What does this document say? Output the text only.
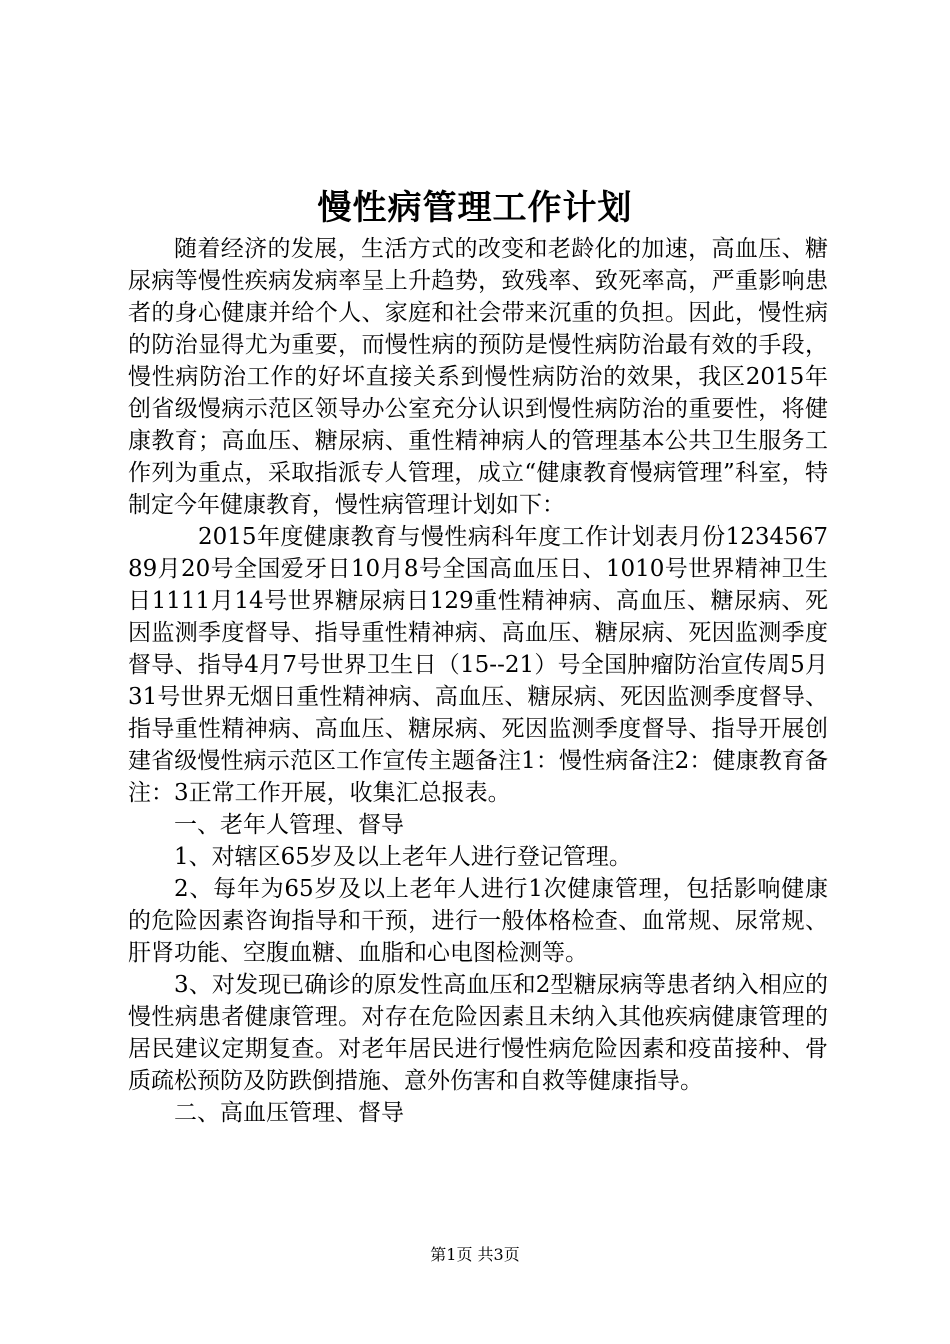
慢性病管理工作计划

随着经济的发展，生活方式的改变和老龄化的加速，高血压、糖尿病等慢性疾病发病率呈上升趋势，致残率、致死率高，严重影响患者的身心健康并给个人、家庭和社会带来沉重的负担。因此，慢性病的防治显得尤为重要，而慢性病的预防是慢性病防治最有效的手段，慢性病防治工作的好坏直接关系到慢性病防治的效果，我区2015年创省级慢病示范区领导办公室充分认识到慢性病防治的重要性，将健康教育；高血压、糖尿病、重性精神病人的管理基本公共卫生服务工作列为重点，采取指派专人管理，成立“健康教育慢病管理”科室，特制定今年健康教育，慢性病管理计划如下：

2015年度健康教育与慢性病科年度工作计划表月份123456789月20号全国爱牙日10月8号全国高血压日、1010号世界精神卫生日1111月14号世界糖尿病日129重性精神病、高血压、糖尿病、死因监测季度督导、指导重性精神病、高血压、糖尿病、死因监测季度督导、指导4月7号世界卫生日（15--21）号全国肿瘤防治宣传周5月31号世界无烟日重性精神病、高血压、糖尿病、死因监测季度督导、指导重性精神病、高血压、糖尿病、死因监测季度督导、指导开展创建省级慢性病示范区工作宣传主题备注1：慢性病备注2：健康教育备注：3正常工作开展，收集汇总报表。

一、老年人管理、督导

1、对辖区65岁及以上老年人进行登记管理。

2、每年为65岁及以上老年人进行1次健康管理，包括影响健康的危险因素咨询指导和干预，进行一般体格检查、血常规、尿常规、肝肾功能、空腹血糖、血脂和心电图检测等。

3、对发现已确诊的原发性高血压和2型糖尿病等患者纳入相应的慢性病患者健康管理。对存在危险因素且未纳入其他疾病健康管理的居民建议定期复查。对老年居民进行慢性病危险因素和疫苗接种、骨质疏松预防及防跌倒措施、意外伤害和自救等健康指导。

二、高血压管理、督导

第1页 共3页
